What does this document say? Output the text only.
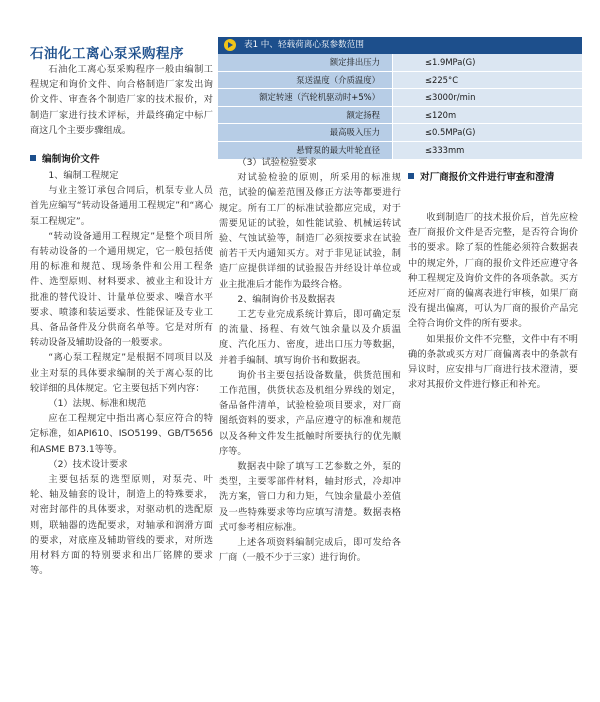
石油化工离心泵采购程序

石油化工离心泵采购程序一般由编制工程规定和询价文件、向合格制造厂家发出询价文件、审查各个制造厂家的技术报价，对制造厂家进行技术评标，并最终确定中标厂商这几个主要步骤组成。

编制询价文件

1、编制工程规定

与业主签订承包合同后，机泵专业人员首先应编写“转动设备通用工程规定”和“离心泵工程规定”。

“转动设备通用工程规定”是整个项目所有转动设备的一个通用规定，它一般包括使用的标准和规范、现场条件和公用工程条件、选型原则、材料要求、被业主和设计方批准的替代设计、计量单位要求、噪音水平要求、喷漆和装运要求、性能保证及专业工具、备品备件及分供商名单等。它是对所有转动设备及辅助设备的一般要求。

“离心泵工程规定”是根据不同项目以及业主对泵的具体要求编制的关于离心泵的比较详细的具体规定。它主要包括下列内容：

（1）法规、标准和规范

应在工程规定中指出离心泵应符合的特定标准，如API610、ISO5199、GB/T5656和ASME B73.1等等。

（2）技术设计要求

主要包括泵的选型原则，对泵壳、叶轮、轴及轴套的设计，制造上的特殊要求，对密封部件的具体要求，对驱动机的选配原则，联轴器的选配要求，对轴承和润滑方面的要求，对底座及辅助管线的要求，对所选用材料方面的特别要求和出厂铭牌的要求等。

表1 中、轻载荷离心泵参数范围
额定排出压力	≤1.9MPa(G)
泵送温度（介质温度）	≤225°C
额定转速（汽轮机驱动时+5%）	≤3000r/min
额定扬程	≤120m
最高吸入压力	≤0.5MPa(G)
悬臂泵的最大叶轮直径	≤333mm

（3）试验检验要求

对试验检验的原则，所采用的标准规范，试验的偏差范围及修正方法等都要进行规定。所有工厂的标准试验都应完成，对于需要见证的试验，如性能试验、机械运转试验、气蚀试验等，制造厂必须按要求在试验前若干天内通知买方。对于非见证试验，制造厂应提供详细的试验报告并经设计单位或业主批准后才能作为最终合格。

2、编制询价书及数据表

工艺专业完成系统计算后，即可确定泵的流量、扬程、有效气蚀余量以及介质温度、汽化压力、密度，进出口压力等数据，并着手编制、填写询价书和数据表。

询价书主要包括设备数量，供货范围和工作范围，供货状态及机组分界线的划定，备品备件清单，试验检验项目要求，对厂商图纸资料的要求，产品应遵守的标准和规范以及各种文件发生抵触时所要执行的优先顺序等。

数据表中除了填写工艺参数之外，泵的类型，主要零部件材料，轴封形式，冷却冲洗方案，管口力和力矩，气蚀余量最小差值及一些特殊要求等均应填写清楚。数据表格式可参考相应标准。

上述各项资料编制完成后，即可发给各厂商（一般不少于三家）进行询价。

对厂商报价文件进行审查和澄清

收到制造厂的技术报价后，首先应检查厂商报价文件是否完整，是否符合询价书的要求。除了泵的性能必须符合数据表中的规定外，厂商的报价文件还应遵守各种工程规定及询价文件的各项条款。买方还应对厂商的偏离表进行审核，如果厂商没有提出偏离，可认为厂商的报价产品完全符合询价文件的所有要求。

如果报价文件不完整，文件中有不明确的条款或买方对厂商偏离表中的条款有异议时，应安排与厂商进行技术澄清，要求对其报价文件进行修正和补充。
